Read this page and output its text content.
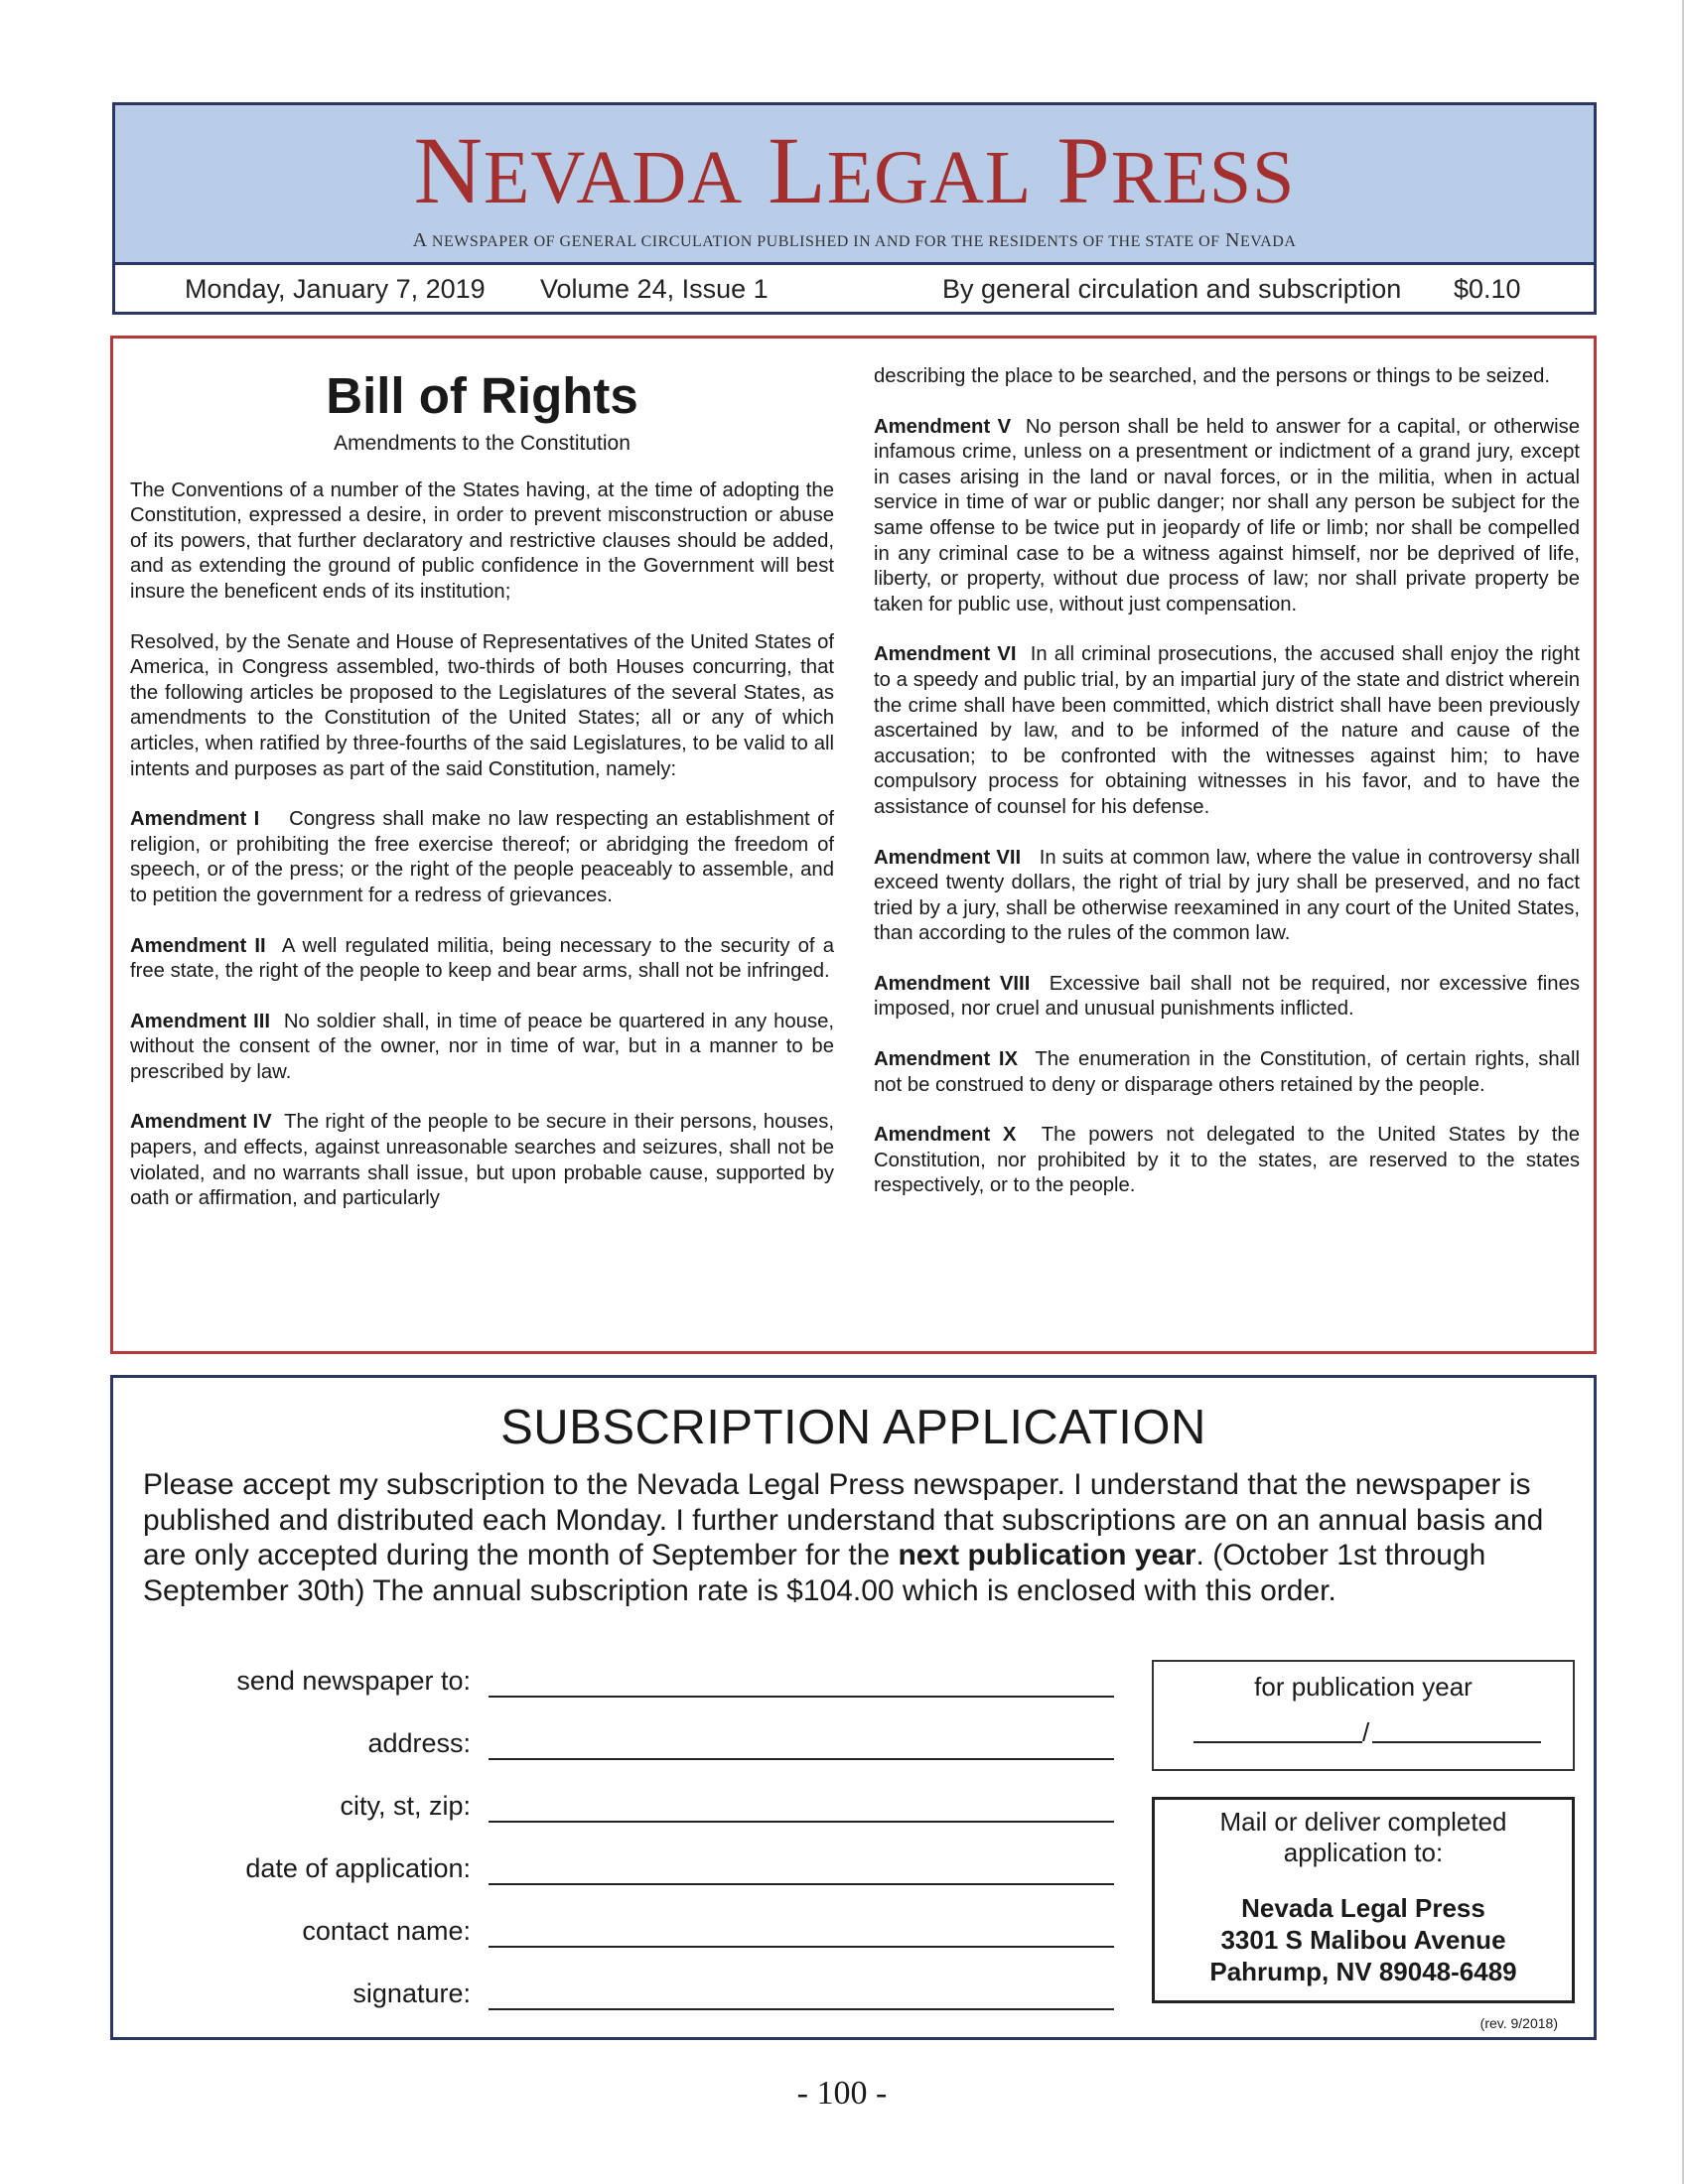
NEVADA LEGAL PRESS
A NEWSPAPER OF GENERAL CIRCULATION PUBLISHED IN AND FOR THE RESIDENTS OF THE STATE OF NEVADA
Monday, January 7, 2019 Volume 24, Issue 1	By general circulation and subscription $0.10
Bill of Rights
Amendments to the Constitution

The Conventions of a number of the States having, at the time of adopting the Constitution, expressed a desire, in order to prevent misconstruction or abuse of its powers, that further declaratory and restrictive clauses should be added, and as extending the ground of public confidence in the Government will best insure the beneficent ends of its institution;

Resolved, by the Senate and House of Representatives of the United States of America, in Congress assembled, two-thirds of both Houses concurring, that the following articles be proposed to the Legislatures of the several States, as amendments to the Constitution of the United States; all or any of which articles, when ratified by three-fourths of the said Legislatures, to be valid to all intents and purposes as part of the said Constitution, namely:

Amendment I Congress shall make no law respecting an establishment of religion, or prohibiting the free exercise thereof; or abridging the freedom of speech, or of the press; or the right of the people peaceably to assemble, and to petition the government for a redress of grievances.

Amendment II A well regulated militia, being necessary to the security of a free state, the right of the people to keep and bear arms, shall not be infringed.

Amendment III No soldier shall, in time of peace be quartered in any house, without the consent of the owner, nor in time of war, but in a manner to be prescribed by law.

Amendment IV The right of the people to be secure in their persons, houses, papers, and effects, against unreasonable searches and seizures, shall not be violated, and no warrants shall issue, but upon probable cause, supported by oath or affirmation, and particularly

describing the place to be searched, and the persons or things to be seized.

Amendment V No person shall be held to answer for a capital, or otherwise infamous crime, unless on a presentment or indictment of a grand jury, except in cases arising in the land or naval forces, or in the militia, when in actual service in time of war or public danger; nor shall any person be subject for the same offense to be twice put in jeopardy of life or limb; nor shall be compelled in any criminal case to be a witness against himself, nor be deprived of life, liberty, or property, without due process of law; nor shall private property be taken for public use, without just compensation.

Amendment VI In all criminal prosecutions, the accused shall enjoy the right to a speedy and public trial, by an impartial jury of the state and district wherein the crime shall have been committed, which district shall have been previously ascertained by law, and to be informed of the nature and cause of the accusation; to be confronted with the witnesses against him; to have compulsory process for obtaining witnesses in his favor, and to have the assistance of counsel for his defense.

Amendment VII In suits at common law, where the value in controversy shall exceed twenty dollars, the right of trial by jury shall be preserved, and no fact tried by a jury, shall be otherwise reexamined in any court of the United States, than according to the rules of the common law.

Amendment VIII Excessive bail shall not be required, nor excessive fines imposed, nor cruel and unusual punishments inflicted.

Amendment IX The enumeration in the Constitution, of certain rights, shall not be construed to deny or disparage others retained by the people.

Amendment X The powers not delegated to the United States by the Constitution, nor prohibited by it to the states, are reserved to the states respectively, or to the people.

SUBSCRIPTION APPLICATION

Please accept my subscription to the Nevada Legal Press newspaper. I understand that the newspaper is published and distributed each Monday. I further understand that subscriptions are on an annual basis and are only accepted during the month of September for the next publication year. (October 1st through September 30th) The annual subscription rate is $104.00 which is enclosed with this order.

send newspaper to:
address:
city, st, zip:
date of application:
contact name:
signature:
for publication year
/
Mail or deliver completed application to:
Nevada Legal Press
3301 S Malibou Avenue
Pahrump, NV 89048-6489
(rev. 9/2018)
- 100 -
